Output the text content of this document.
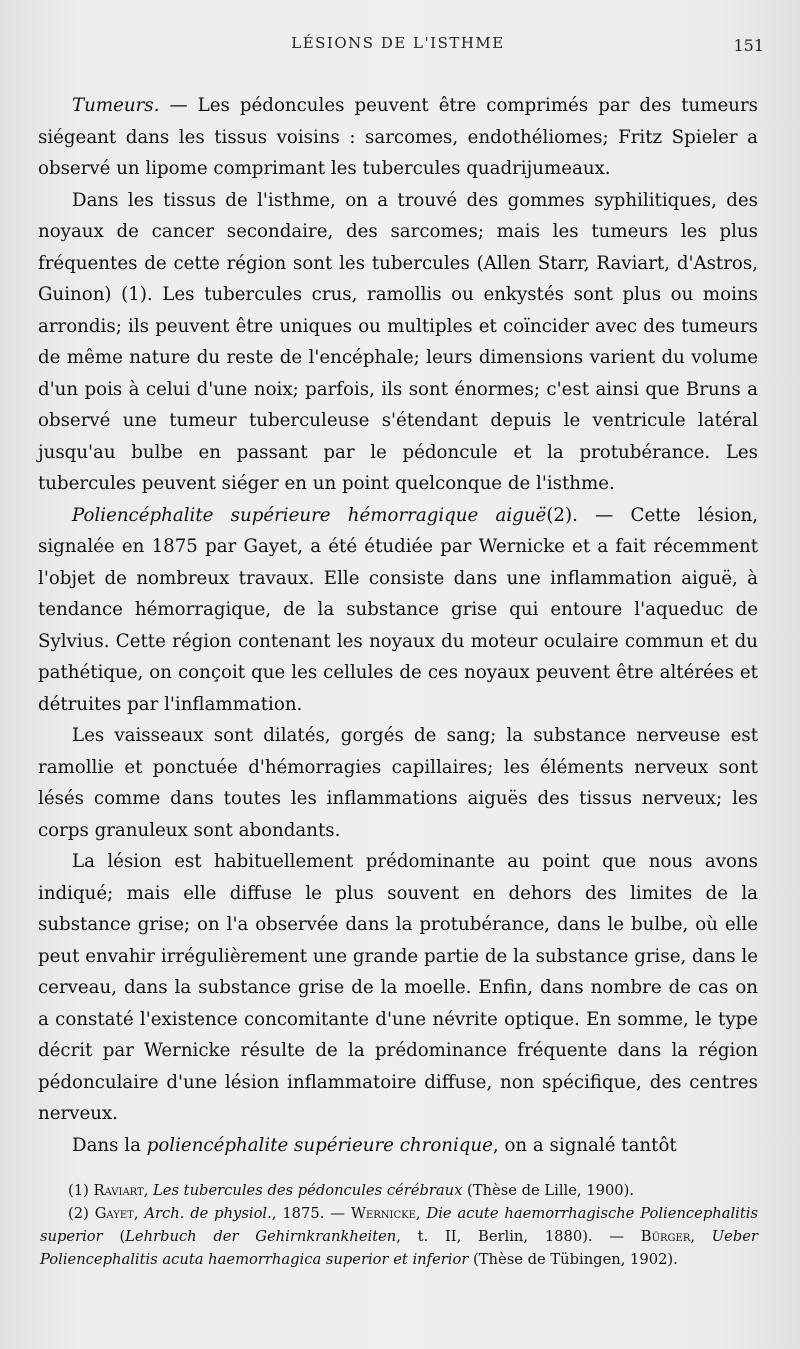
LÉSIONS DE L'ISTHME	151

Tumeurs. — Les pédoncules peuvent être comprimés par des tumeurs siégeant dans les tissus voisins : sarcomes, endothéliomes; Fritz Spieler a observé un lipome comprimant les tubercules quadrijumeaux.

Dans les tissus de l'isthme, on a trouvé des gommes syphilitiques, des noyaux de cancer secondaire, des sarcomes; mais les tumeurs les plus fréquentes de cette région sont les tubercules (Allen Starr, Raviart, d'Astros, Guinon) (1). Les tubercules crus, ramollis ou enkystés sont plus ou moins arrondis; ils peuvent être uniques ou multiples et coïncider avec des tumeurs de même nature du reste de l'encéphale; leurs dimensions varient du volume d'un pois à celui d'une noix; parfois, ils sont énormes; c'est ainsi que Bruns a observé une tumeur tuberculeuse s'étendant depuis le ventricule latéral jusqu'au bulbe en passant par le pédoncule et la protubérance. Les tubercules peuvent siéger en un point quelconque de l'isthme.

Poliencéphalite supérieure hémorragique aiguë(2). — Cette lésion, signalée en 1875 par Gayet, a été étudiée par Wernicke et a fait récemment l'objet de nombreux travaux. Elle consiste dans une inflammation aiguë, à tendance hémorragique, de la substance grise qui entoure l'aqueduc de Sylvius. Cette région contenant les noyaux du moteur oculaire commun et du pathétique, on conçoit que les cellules de ces noyaux peuvent être altérées et détruites par l'inflammation.

Les vaisseaux sont dilatés, gorgés de sang; la substance nerveuse est ramollie et ponctuée d'hémorragies capillaires; les éléments nerveux sont lésés comme dans toutes les inflammations aiguës des tissus nerveux; les corps granuleux sont abondants.

La lésion est habituellement prédominante au point que nous avons indiqué; mais elle diffuse le plus souvent en dehors des limites de la substance grise; on l'a observée dans la protubérance, dans le bulbe, où elle peut envahir irrégulièrement une grande partie de la substance grise, dans le cerveau, dans la substance grise de la moelle. Enfin, dans nombre de cas on a constaté l'existence concomitante d'une névrite optique. En somme, le type décrit par Wernicke résulte de la prédominance fréquente dans la région pédonculaire d'une lésion inflammatoire diffuse, non spécifique, des centres nerveux.

Dans la poliencéphalite supérieure chronique, on a signalé tantôt

(1) Raviart, Les tubercules des pédoncules cérébraux (Thèse de Lille, 1900).

(2) Gayet, Arch. de physiol., 1875. — Wernicke, Die acute haemorrhagische Poliencephalitis superior (Lehrbuch der Gehirnkrankheiten, t. II, Berlin, 1880). — Bürger, Ueber Poliencephalitis acuta haemorrhagica superior et inferior (Thèse de Tübingen, 1902).
